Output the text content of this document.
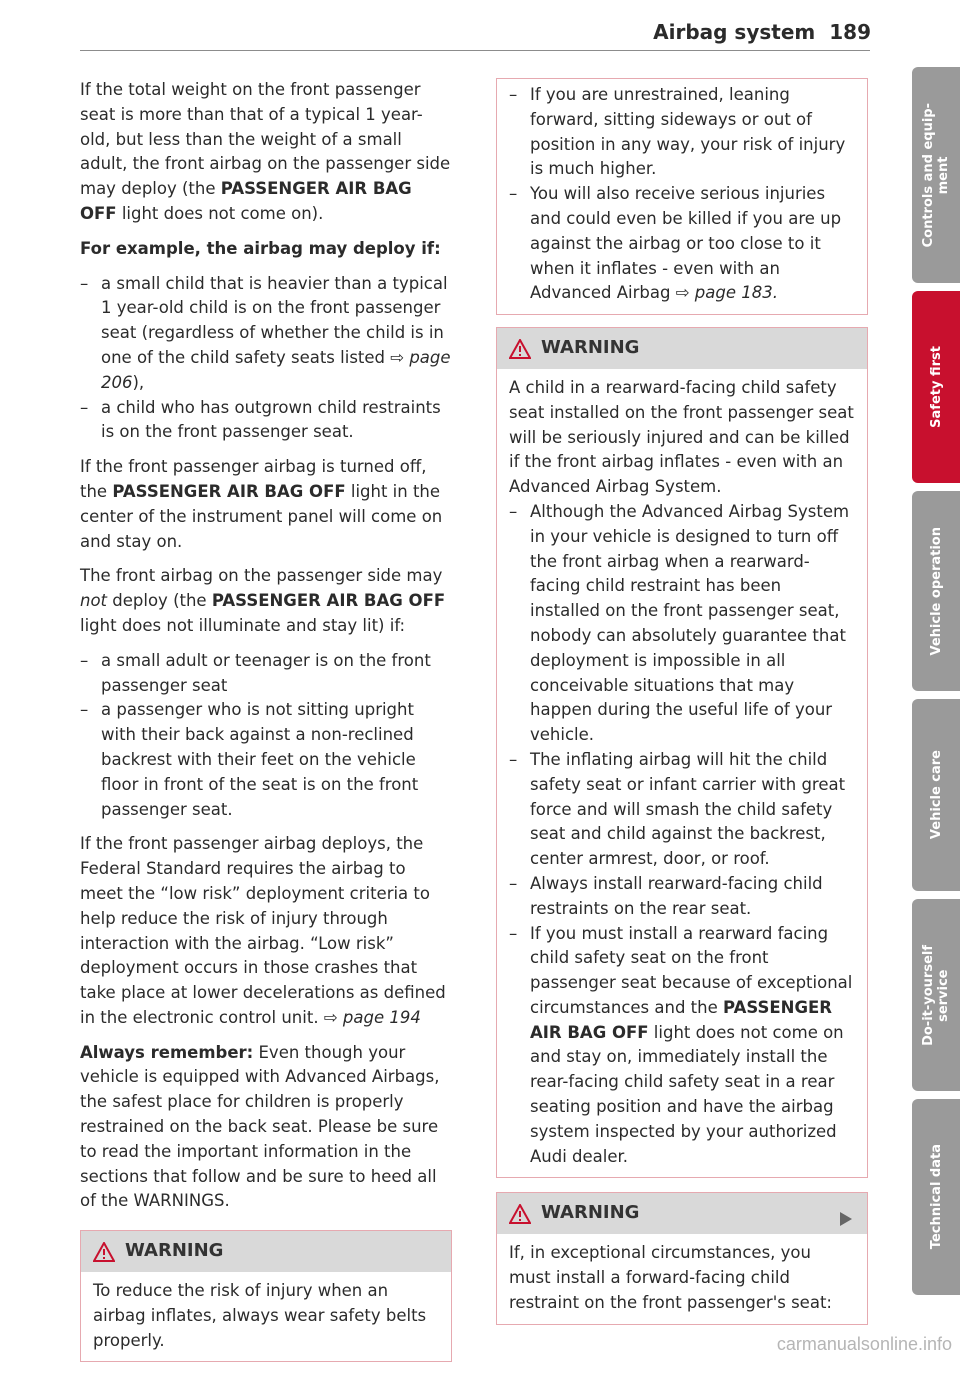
Airbag system 189

If the total weight on the front passenger seat is more than that of a typical 1 year-old, but less than the weight of a small adult, the front airbag on the passenger side may deploy (the PASSENGER AIR BAG OFF light does not come on).

For example, the airbag may deploy if:

– a small child that is heavier than a typical 1 year-old child is on the front passenger seat (regardless of whether the child is in one of the child safety seats listed ⇨ page 206),
– a child who has outgrown child restraints is on the front passenger seat.

If the front passenger airbag is turned off, the PASSENGER AIR BAG OFF light in the center of the instrument panel will come on and stay on.

The front airbag on the passenger side may not deploy (the PASSENGER AIR BAG OFF light does not illuminate and stay lit) if:

– a small adult or teenager is on the front passenger seat
– a passenger who is not sitting upright with their back against a non-reclined backrest with their feet on the vehicle floor in front of the seat is on the front passenger seat.

If the front passenger airbag deploys, the Federal Standard requires the airbag to meet the “low risk” deployment criteria to help reduce the risk of injury through interaction with the airbag. “Low risk” deployment occurs in those crashes that take place at lower decelerations as defined in the electronic control unit. ⇨ page 194

Always remember: Even though your vehicle is equipped with Advanced Airbags, the safest place for children is properly restrained on the back seat. Please be sure to read the important information in the sections that follow and be sure to heed all of the WARNINGS.

WARNING
To reduce the risk of injury when an airbag inflates, always wear safety belts properly.
– If you are unrestrained, leaning forward, sitting sideways or out of position in any way, your risk of injury is much higher.
– You will also receive serious injuries and could even be killed if you are up against the airbag or too close to it when it inflates - even with an Advanced Airbag ⇨ page 183.
WARNING

A child in a rearward-facing child safety seat installed on the front passenger seat will be seriously injured and can be killed if the front airbag inflates - even with an Advanced Airbag System.

– Although the Advanced Airbag System in your vehicle is designed to turn off the front airbag when a rearward-facing child restraint has been installed on the front passenger seat, nobody can absolutely guarantee that deployment is impossible in all conceivable situations that may happen during the useful life of your vehicle.
– The inflating airbag will hit the child safety seat or infant carrier with great force and will smash the child safety seat and child against the backrest, center armrest, door, or roof.
– Always install rearward-facing child restraints on the rear seat.
– If you must install a rearward facing child safety seat on the front passenger seat because of exceptional circumstances and the PASSENGER AIR BAG OFF light does not come on and stay on, immediately install the rear-facing child safety seat in a rear seating position and have the airbag system inspected by your authorized Audi dealer.
WARNING
If, in exceptional circumstances, you must install a forward-facing child restraint on the front passenger's seat:
Controls and equip-
ment
Safety first
Vehicle operation
Vehicle care
Do-it-yourself
service
Technical data
carmanualsonline.info
